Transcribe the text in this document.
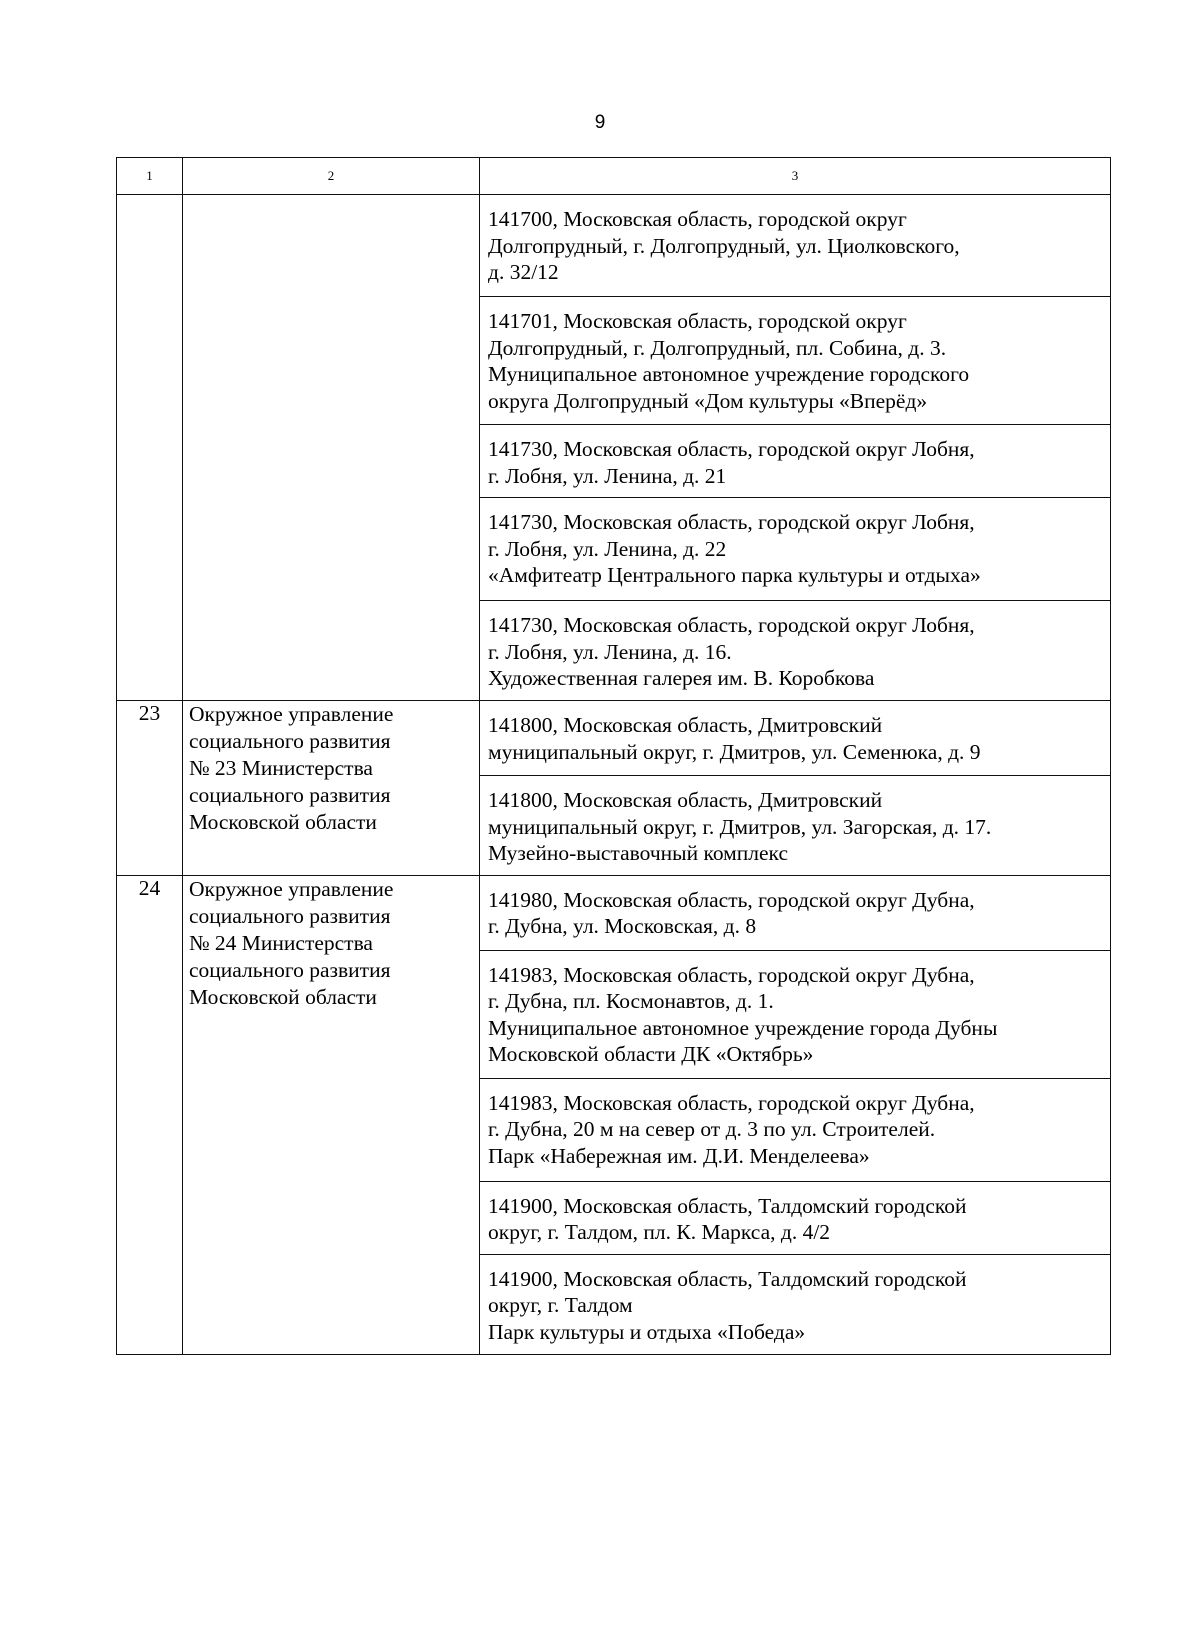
9
1	2	3

		141700, Московская область, городской округ
Долгопрудный, г. Долгопрудный, ул. Циолковского,
д. 32/12

		141701, Московская область, городской округ
Долгопрудный, г. Долгопрудный, пл. Собина, д. 3.
Муниципальное автономное учреждение городского
округа Долгопрудный «Дом культуры «Вперёд»

		141730, Московская область, городской округ Лобня,
г. Лобня, ул. Ленина, д. 21

		141730, Московская область, городской округ Лобня,
г. Лобня, ул. Ленина, д. 22
«Амфитеатр Центрального парка культуры и отдыха»

		141730, Московская область, городской округ Лобня,
г. Лобня, ул. Ленина, д. 16.
Художественная галерея им. В. Коробкова

23	Окружное управление
социального развития
№ 23 Министерства
социального развития
Московской области	141800, Московская область, Дмитровский
муниципальный округ, г. Дмитров, ул. Семенюка, д. 9

		141800, Московская область, Дмитровский
муниципальный округ, г. Дмитров, ул. Загорская, д. 17.
Музейно-выставочный комплекс

24	Окружное управление
социального развития
№ 24 Министерства
социального развития
Московской области	141980, Московская область, городской округ Дубна,
г. Дубна, ул. Московская, д. 8

		141983, Московская область, городской округ Дубна,
г. Дубна, пл. Космонавтов, д. 1.
Муниципальное автономное учреждение города Дубны
Московской области ДК «Октябрь»

		141983, Московская область, городской округ Дубна,
г. Дубна, 20 м на север от д. 3 по ул. Строителей.
Парк «Набережная им. Д.И. Менделеева»

		141900, Московская область, Талдомский городской
округ, г. Талдом, пл. К. Маркса, д. 4/2

		141900, Московская область, Талдомский городской
округ, г. Талдом
Парк культуры и отдыха «Победа»
